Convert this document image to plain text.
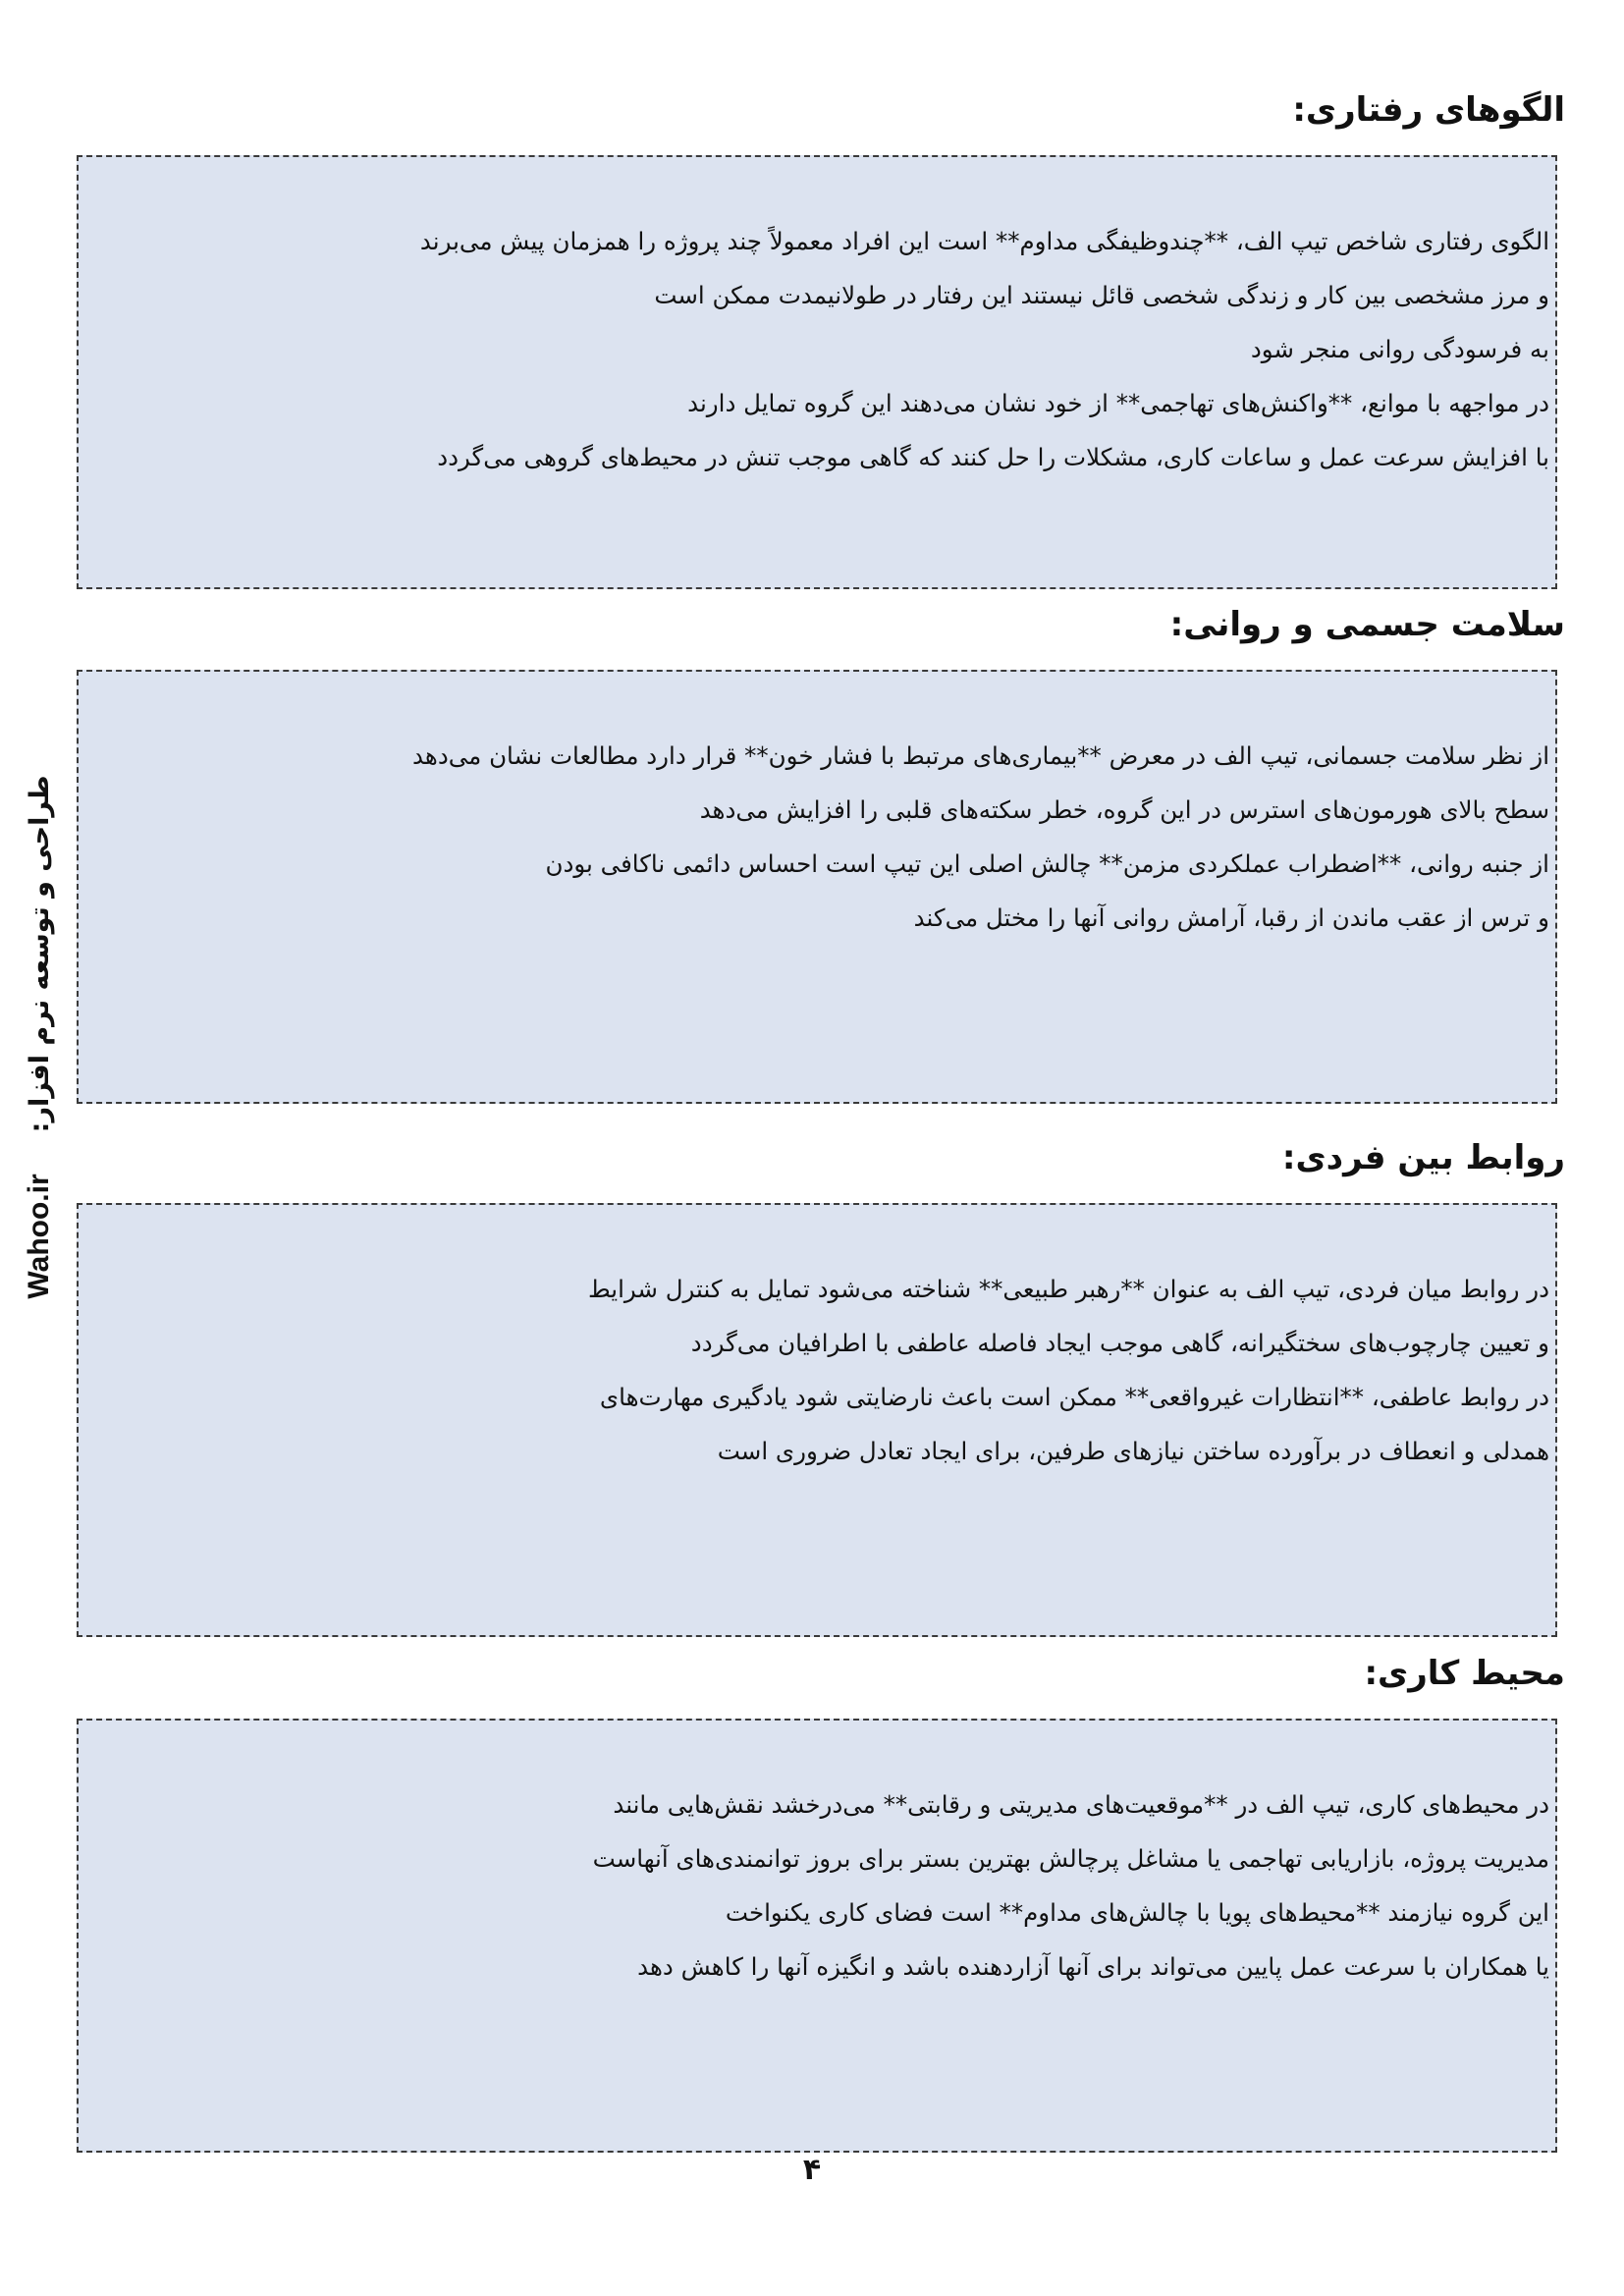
الگوهای رفتاری:

الگوی رفتاری شاخص تیپ الف، **چندوظیفگی مداوم** است این افراد معمولاً چند پروژه را همزمان پیش می‌برند

و مرز مشخصی بین کار و زندگی شخصی قائل نیستند این رفتار در طولانیمدت ممکن است

به فرسودگی روانی منجر شود

در مواجهه با موانع، **واکنش‌های تهاجمی** از خود نشان می‌دهند این گروه تمایل دارند

با افزایش سرعت عمل و ساعات کاری، مشکلات را حل کنند که گاهی موجب تنش در محیط‌های گروهی می‌گردد

سلامت جسمی و روانی:

از نظر سلامت جسمانی، تیپ الف در معرض **بیماری‌های مرتبط با فشار خون** قرار دارد مطالعات نشان می‌دهد

سطح بالای هورمون‌های استرس در این گروه، خطر سکته‌های قلبی را افزایش می‌دهد

از جنبه روانی، **اضطراب عملکردی مزمن** چالش اصلی این تیپ است احساس دائمی ناکافی بودن

و ترس از عقب ماندن از رقبا، آرامش روانی آنها را مختل می‌کند

روابط بین فردی:

در روابط میان فردی، تیپ الف به عنوان **رهبر طبیعی** شناخته می‌شود تمایل به کنترل شرایط

و تعیین چارچوب‌های سختگیرانه، گاهی موجب ایجاد فاصله عاطفی با اطرافیان می‌گردد

در روابط عاطفی، **انتظارات غیرواقعی** ممکن است باعث نارضایتی شود یادگیری مهارت‌های

همدلی و انعطاف در برآورده ساختن نیازهای طرفین، برای ایجاد تعادل ضروری است

محیط کاری:

در محیط‌های کاری، تیپ الف در **موقعیت‌های مدیریتی و رقابتی** می‌درخشد نقش‌هایی مانند

مدیریت پروژه، بازاریابی تهاجمی یا مشاغل پرچالش بهترین بستر برای بروز توانمندی‌های آنهاست

این گروه نیازمند **محیط‌های پویا با چالش‌های مداوم** است فضای کاری یکنواخت

یا همکاران با سرعت عمل پایین می‌تواند برای آنها آزاردهنده باشد و انگیزه آنها را کاهش دهد

Wahoo.ir
طراحی و توسعه نرم افزار:
۴
